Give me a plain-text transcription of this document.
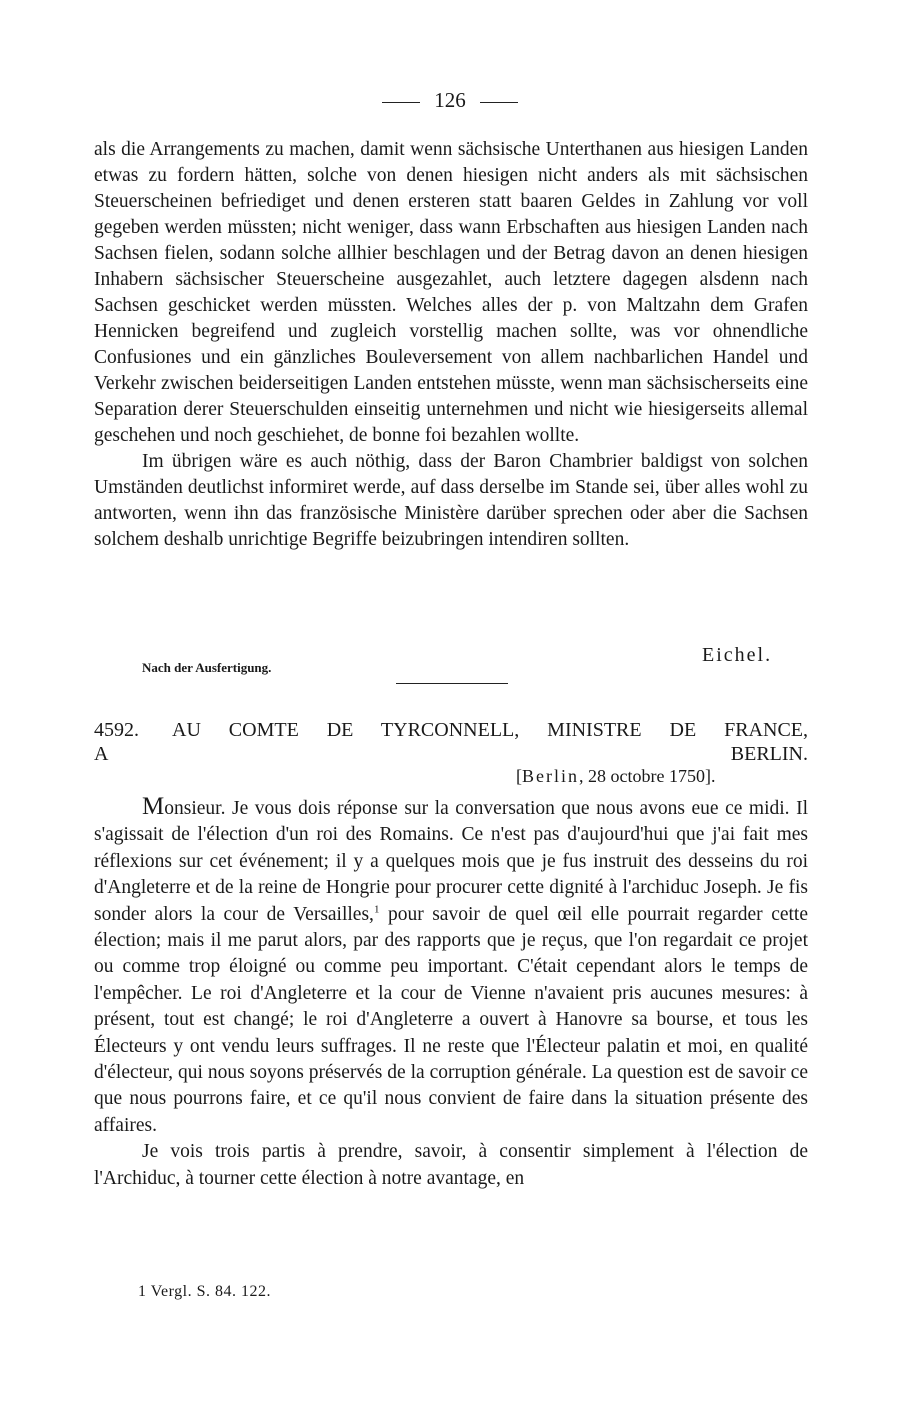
126

als die Arrangements zu machen, damit wenn sächsische Unterthanen aus hiesigen Landen etwas zu fordern hätten, solche von denen hiesigen nicht anders als mit sächsischen Steuerscheinen befriediget und denen ersteren statt baaren Geldes in Zahlung vor voll gegeben werden müssten; nicht weniger, dass wann Erbschaften aus hiesigen Landen nach Sachsen fielen, sodann solche allhier beschlagen und der Betrag davon an denen hiesigen Inhabern sächsischer Steuerscheine ausgezahlet, auch letztere dagegen alsdenn nach Sachsen geschicket werden müssten. Welches alles der p. von Maltzahn dem Grafen Hennicken begreifend und zugleich vorstellig machen sollte, was vor ohnendliche Confusiones und ein gänzliches Bouleversement von allem nachbarlichen Handel und Verkehr zwischen beiderseitigen Landen entstehen müsste, wenn man sächsischerseits eine Separation derer Steuerschulden einseitig unternehmen und nicht wie hiesigerseits allemal geschehen und noch geschiehet, de bonne foi bezahlen wollte.

Im übrigen wäre es auch nöthig, dass der Baron Chambrier baldigst von solchen Umständen deutlichst informiret werde, auf dass derselbe im Stande sei, über alles wohl zu antworten, wenn ihn das französische Ministère darüber sprechen oder aber die Sachsen solchem deshalb unrichtige Begriffe beizubringen intendiren sollten.

Eichel.
Nach der Ausfertigung.
4592. AU COMTE DE TYRCONNELL, MINISTRE DE FRANCE,
A BERLIN.
[Berlin, 28 octobre 1750].

Monsieur. Je vous dois réponse sur la conversation que nous avons eue ce midi. Il s'agissait de l'élection d'un roi des Romains. Ce n'est pas d'aujourd'hui que j'ai fait mes réflexions sur cet événement; il y a quelques mois que je fus instruit des desseins du roi d'Angleterre et de la reine de Hongrie pour procurer cette dignité à l'archiduc Joseph. Je fis sonder alors la cour de Versailles,$^1$ pour savoir de quel œil elle pourrait regarder cette élection; mais il me parut alors, par des rapports que je reçus, que l'on regardait ce projet ou comme trop éloigné ou comme peu important. C'était cependant alors le temps de l'empêcher. Le roi d'Angleterre et la cour de Vienne n'avaient pris aucunes mesures: à présent, tout est changé; le roi d'Angleterre a ouvert à Hanovre sa bourse, et tous les Électeurs y ont vendu leurs suffrages. Il ne reste que l'Électeur palatin et moi, en qualité d'électeur, qui nous soyons préservés de la corruption générale. La question est de savoir ce que nous pourrons faire, et ce qu'il nous convient de faire dans la situation présente des affaires.

Je vois trois partis à prendre, savoir, à consentir simplement à l'élection de l'Archiduc, à tourner cette élection à notre avantage, en

1 Vergl. S. 84. 122.
